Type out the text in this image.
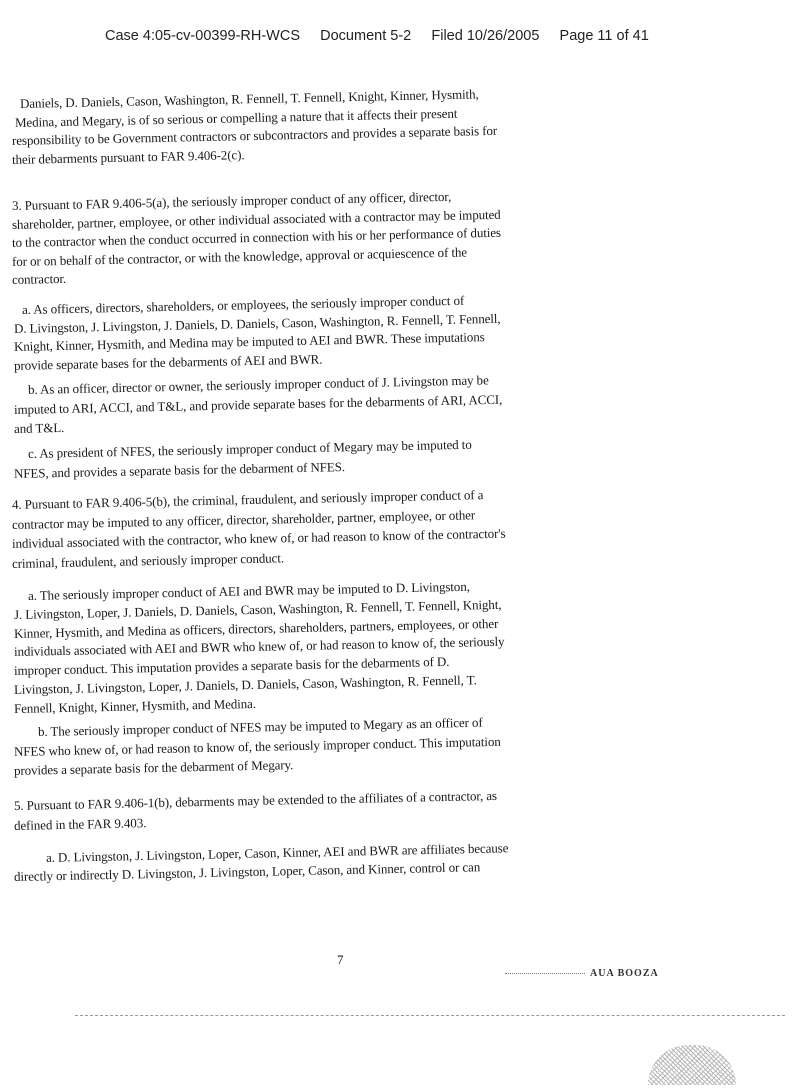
Case 4:05-cv-00399-RH-WCS     Document 5-2     Filed 10/26/2005     Page 11 of 41
Daniels, D. Daniels, Cason, Washington, R. Fennell, T. Fennell, Knight, Kinner, Hysmith,
Medina, and Megary, is of so serious or compelling a nature that it affects their present
responsibility to be Government contractors or subcontractors and provides a separate basis for
their debarments pursuant to FAR 9.406-2(c).
3. Pursuant to FAR 9.406-5(a), the seriously improper conduct of any officer, director,
shareholder, partner, employee, or other individual associated with a contractor may be imputed
to the contractor when the conduct occurred in connection with his or her performance of duties
for or on behalf of the contractor, or with the knowledge, approval or acquiescence of the
contractor.
a. As officers, directors, shareholders, or employees, the seriously improper conduct of
D. Livingston, J. Livingston, J. Daniels, D. Daniels, Cason, Washington, R. Fennell, T. Fennell,
Knight, Kinner, Hysmith, and Medina may be imputed to AEI and BWR. These imputations
provide separate bases for the debarments of AEI and BWR.
b. As an officer, director or owner, the seriously improper conduct of J. Livingston may be
imputed to ARI, ACCI, and T&L, and provide separate bases for the debarments of ARI, ACCI,
and T&L.
c. As president of NFES, the seriously improper conduct of Megary may be imputed to
NFES, and provides a separate basis for the debarment of NFES.
4. Pursuant to FAR 9.406-5(b), the criminal, fraudulent, and seriously improper conduct of a
contractor may be imputed to any officer, director, shareholder, partner, employee, or other
individual associated with the contractor, who knew of, or had reason to know of the contractor's
criminal, fraudulent, and seriously improper conduct.
a. The seriously improper conduct of AEI and BWR may be imputed to D. Livingston,
J. Livingston, Loper, J. Daniels, D. Daniels, Cason, Washington, R. Fennell, T. Fennell, Knight,
Kinner, Hysmith, and Medina as officers, directors, shareholders, partners, employees, or other
individuals associated with AEI and BWR who knew of, or had reason to know of, the seriously
improper conduct. This imputation provides a separate basis for the debarments of D.
Livingston, J. Livingston, Loper, J. Daniels, D. Daniels, Cason, Washington, R. Fennell, T.
Fennell, Knight, Kinner, Hysmith, and Medina.
b. The seriously improper conduct of NFES may be imputed to Megary as an officer of
NFES who knew of, or had reason to know of, the seriously improper conduct. This imputation
provides a separate basis for the debarment of Megary.
5. Pursuant to FAR 9.406-1(b), debarments may be extended to the affiliates of a contractor, as
defined in the FAR 9.403.
a. D. Livingston, J. Livingston, Loper, Cason, Kinner, AEI and BWR are affiliates because
directly or indirectly D. Livingston, J. Livingston, Loper, Cason, and Kinner, control or can
7
AUA BOOZA
